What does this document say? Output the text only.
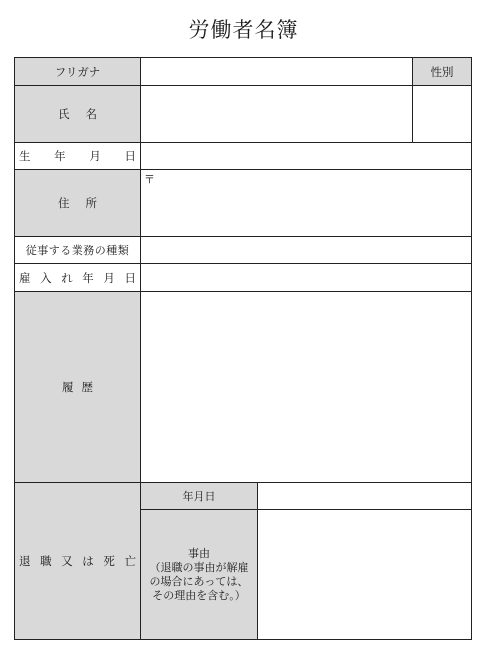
労働者名簿
フリガナ	性別
氏 名
生 年 月 日
住 所
〒
従事する業務の種類
雇 入 れ 年 月 日
履 歴
退 職 又 は 死 亡
年月日
事由
（退職の事由が解雇
の場合にあっては、
その理由を含む。）
